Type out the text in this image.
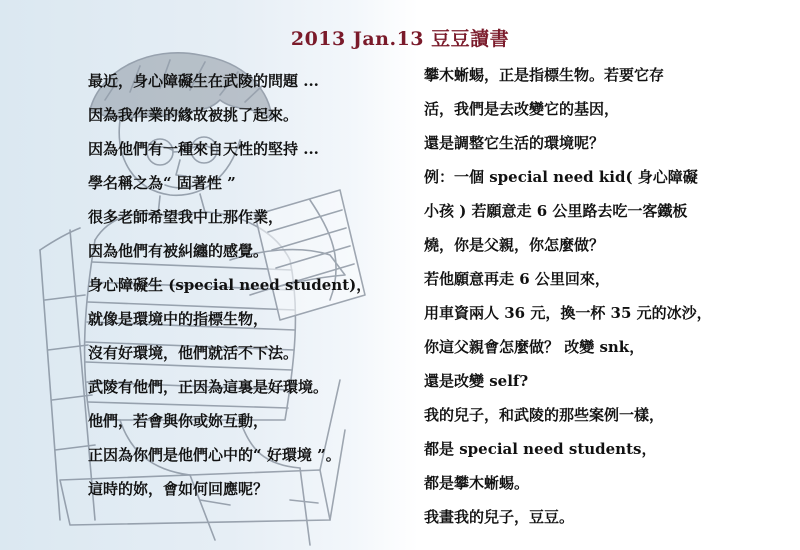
2013 Jan.13 豆豆讀書
最近，身心障礙生在武陵的問題 ...
因為我作業的緣故被挑了起來。
因為他們有一種來自天性的堅持 ...
學名稱之為“ 固著性 ”
很多老師希望我中止那作業，
因為他們有被糾纏的感覺。
身心障礙生 (special need student)，
就像是環境中的指標生物，
沒有好環境，他們就活不下法。
武陵有他們，正因為這裏是好環境。
他們，若會與你或妳互動，
正因為你們是他們心中的“ 好環境 ”。
這時的妳，會如何回應呢？
攀木蜥蜴，正是指標生物。若要它存
活，我們是去改變它的基因，
還是調整它生活的環境呢？
例：一個 special need kid( 身心障礙
小孩 ) 若願意走 6 公里路去吃一客鐵板
燒，你是父親，你怎麼做？
若他願意再走 6 公里回來，
用車資兩人 36 元，換一杯 35 元的冰沙，
你這父親會怎麼做？ 改變 snk，
還是改變 self?
我的兒子，和武陵的那些案例一樣，
都是 special need students，
都是攀木蜥蜴。
我畫我的兒子，豆豆。
